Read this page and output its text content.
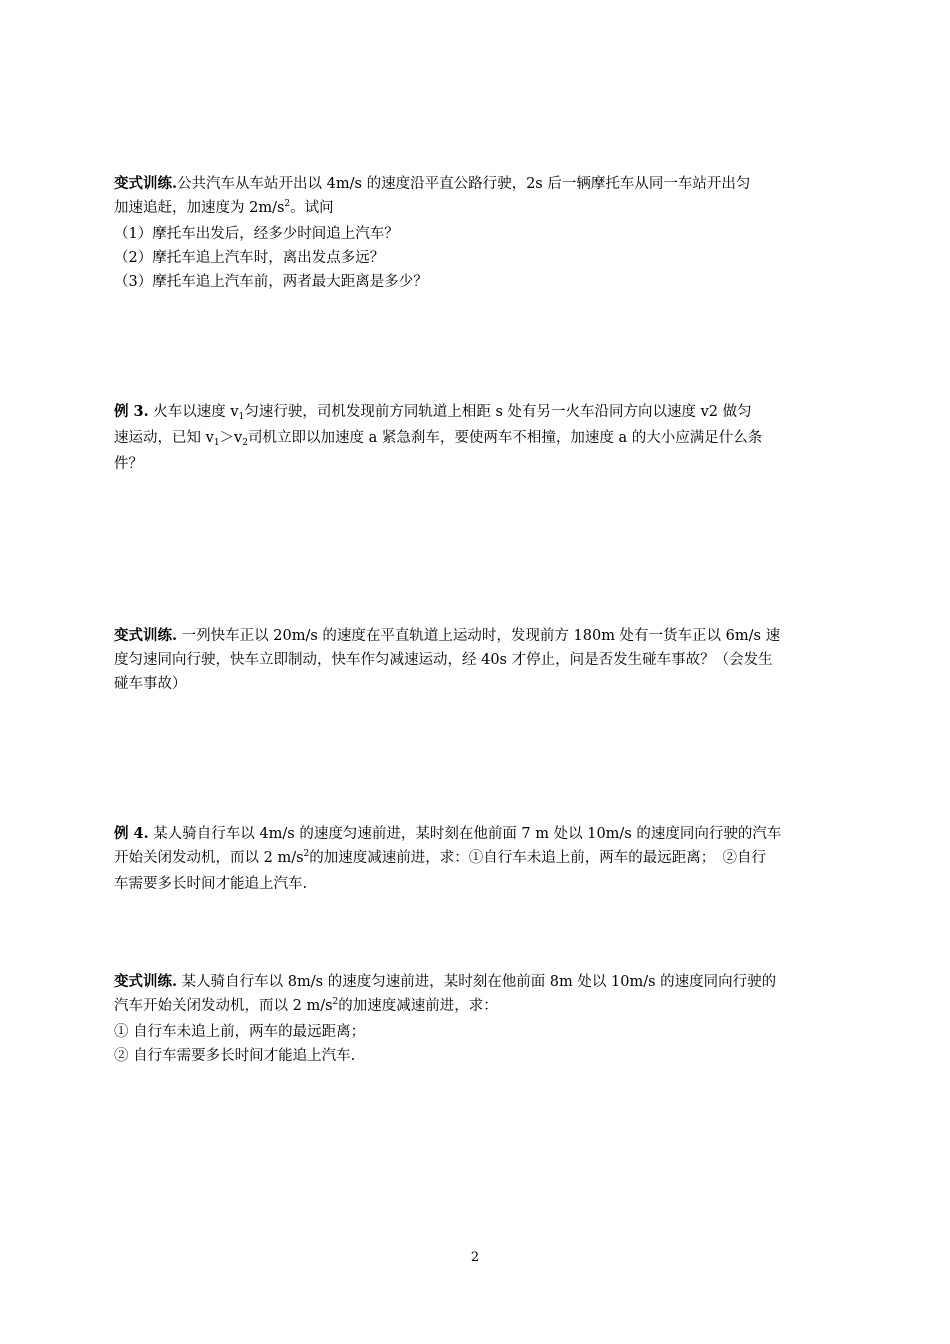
变式训练.公共汽车从车站开出以 4m/s 的速度沿平直公路行驶，2s 后一辆摩托车从同一车站开出匀
加速追赶，加速度为 $2m/s^2$。试问
（1）摩托车出发后，经多少时间追上汽车？
（2）摩托车追上汽车时，离出发点多远？
（3）摩托车追上汽车前，两者最大距离是多少？
例 3. 火车以速度 $v_1$匀速行驶，司机发现前方同轨道上相距 s 处有另一火车沿同方向以速度 v2 做匀
速运动，已知 $v_1>v_2$司机立即以加速度 a 紧急刹车，要使两车不相撞，加速度 a 的大小应满足什么条
件？
变式训练. 一列快车正以 20m/s 的速度在平直轨道上运动时，发现前方 180m 处有一货车正以 6m/s 速
度匀速同向行驶，快车立即制动，快车作匀减速运动，经 40s 才停止，问是否发生碰车事故？（会发生
碰车事故）
例 4. 某人骑自行车以 4m/s 的速度匀速前进，某时刻在他前面 7 m 处以 10m/s 的速度同向行驶的汽车
开始关闭发动机，而以 2 $m/s^2$的加速度减速前进，求：①自行车未追上前，两车的最远距离；　②自行
车需要多长时间才能追上汽车.
变式训练. 某人骑自行车以 8m/s 的速度匀速前进，某时刻在他前面 8m 处以 10m/s 的速度同向行驶的
汽车开始关闭发动机，而以 2 $m/s^2$的加速度减速前进，求：
① 自行车未追上前，两车的最远距离；
② 自行车需要多长时间才能追上汽车.
2
